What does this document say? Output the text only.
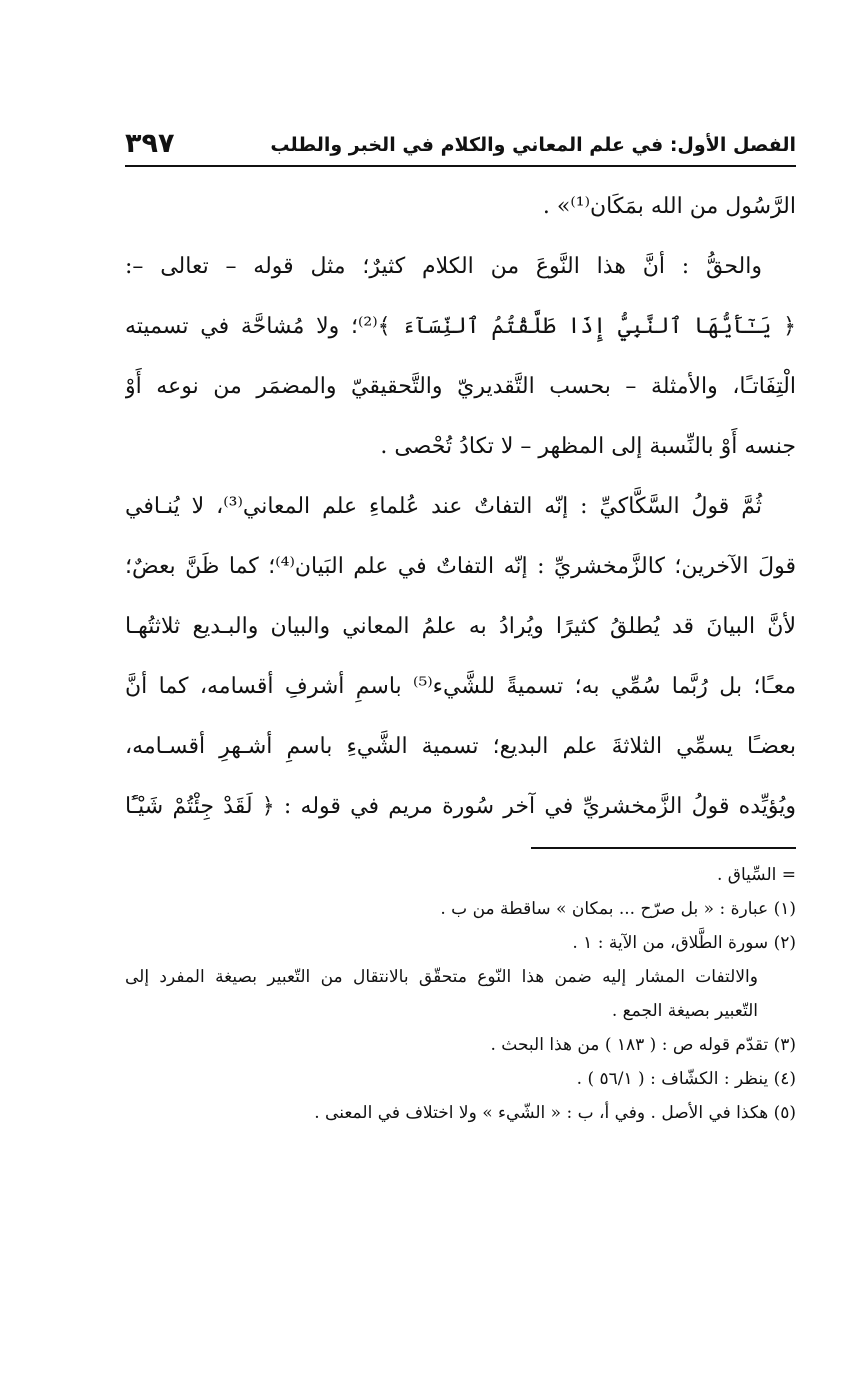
الفصل الأول: في علم المعاني والكلام في الخبر والطلب
٣٩٧
الرَّسُول من الله بمَكَان⁽¹⁾» .
والحقُّ : أنَّ هذا النَّوعَ من الكلام كثيرٌ؛ مثل قوله – تعالى –:
﴿ يَـٰٓأَيُّهَا ٱلنَّبِيُّ إِذَا طَلَّقْتُمُ ٱلنِّسَآءَ ﴾⁽²⁾؛ ولا مُشاحَّة في تسميته
الْتِفَاتـًا، والأمثلة – بحسب التَّقديريّ والتَّحقيقيّ والمضمَر من نوعه أَوْ
جنسه أَوْ بالنِّسبة إلى المظهر – لا تكادُ تُحْصى .
ثُمَّ قولُ السَّكَّاكيِّ : إنّه التفاتٌ عند عُلماءِ علم المعاني⁽³⁾، لا يُنـافي
قولَ الآخرين؛ كالزَّمخشريِّ : إنّه التفاتٌ في علم البَيان⁽⁴⁾؛ كما ظَنَّ بعضٌ؛
لأنَّ البيانَ قد يُطلقُ كثيرًا ويُرادُ به علمُ المعاني والبيان والبـديع ثلاثتُهـا
معـًا؛ بل رُبَّما سُمِّي به؛ تسميةً للشَّيء⁽⁵⁾ باسمِ أشرفِ أقسامه، كما أنَّ
بعضـًا يسمِّي الثلاثةَ علم البديع؛ تسمية الشَّيءِ باسمِ أشـهرِ أقسـامه،
ويُؤيِّده قولُ الزَّمخشريِّ في آخر سُورة مريم في قوله : ﴿ لَقَدْ جِئْتُمْ شَيْـًٔا
= السِّياق .
(١) عبارة : « بل صرّح ... بمكان » ساقطة من ب .
(٢) سورة الطَّلاق، من الآية : ١ .
والالتفات المشار إليه ضمن هذا النّوع متحقّق بالانتقال من التّعبير بصيغة المفرد إلى
التّعبير بصيغة الجمع .
(٣) تقدّم قوله ص : ( ١٨٣ ) من هذا البحث .
(٤) ينظر : الكشّاف : ( ٥٦/١ ) .
(٥) هكذا في الأصل . وفي أ، ب : « الشّيء » ولا اختلاف في المعنى .
